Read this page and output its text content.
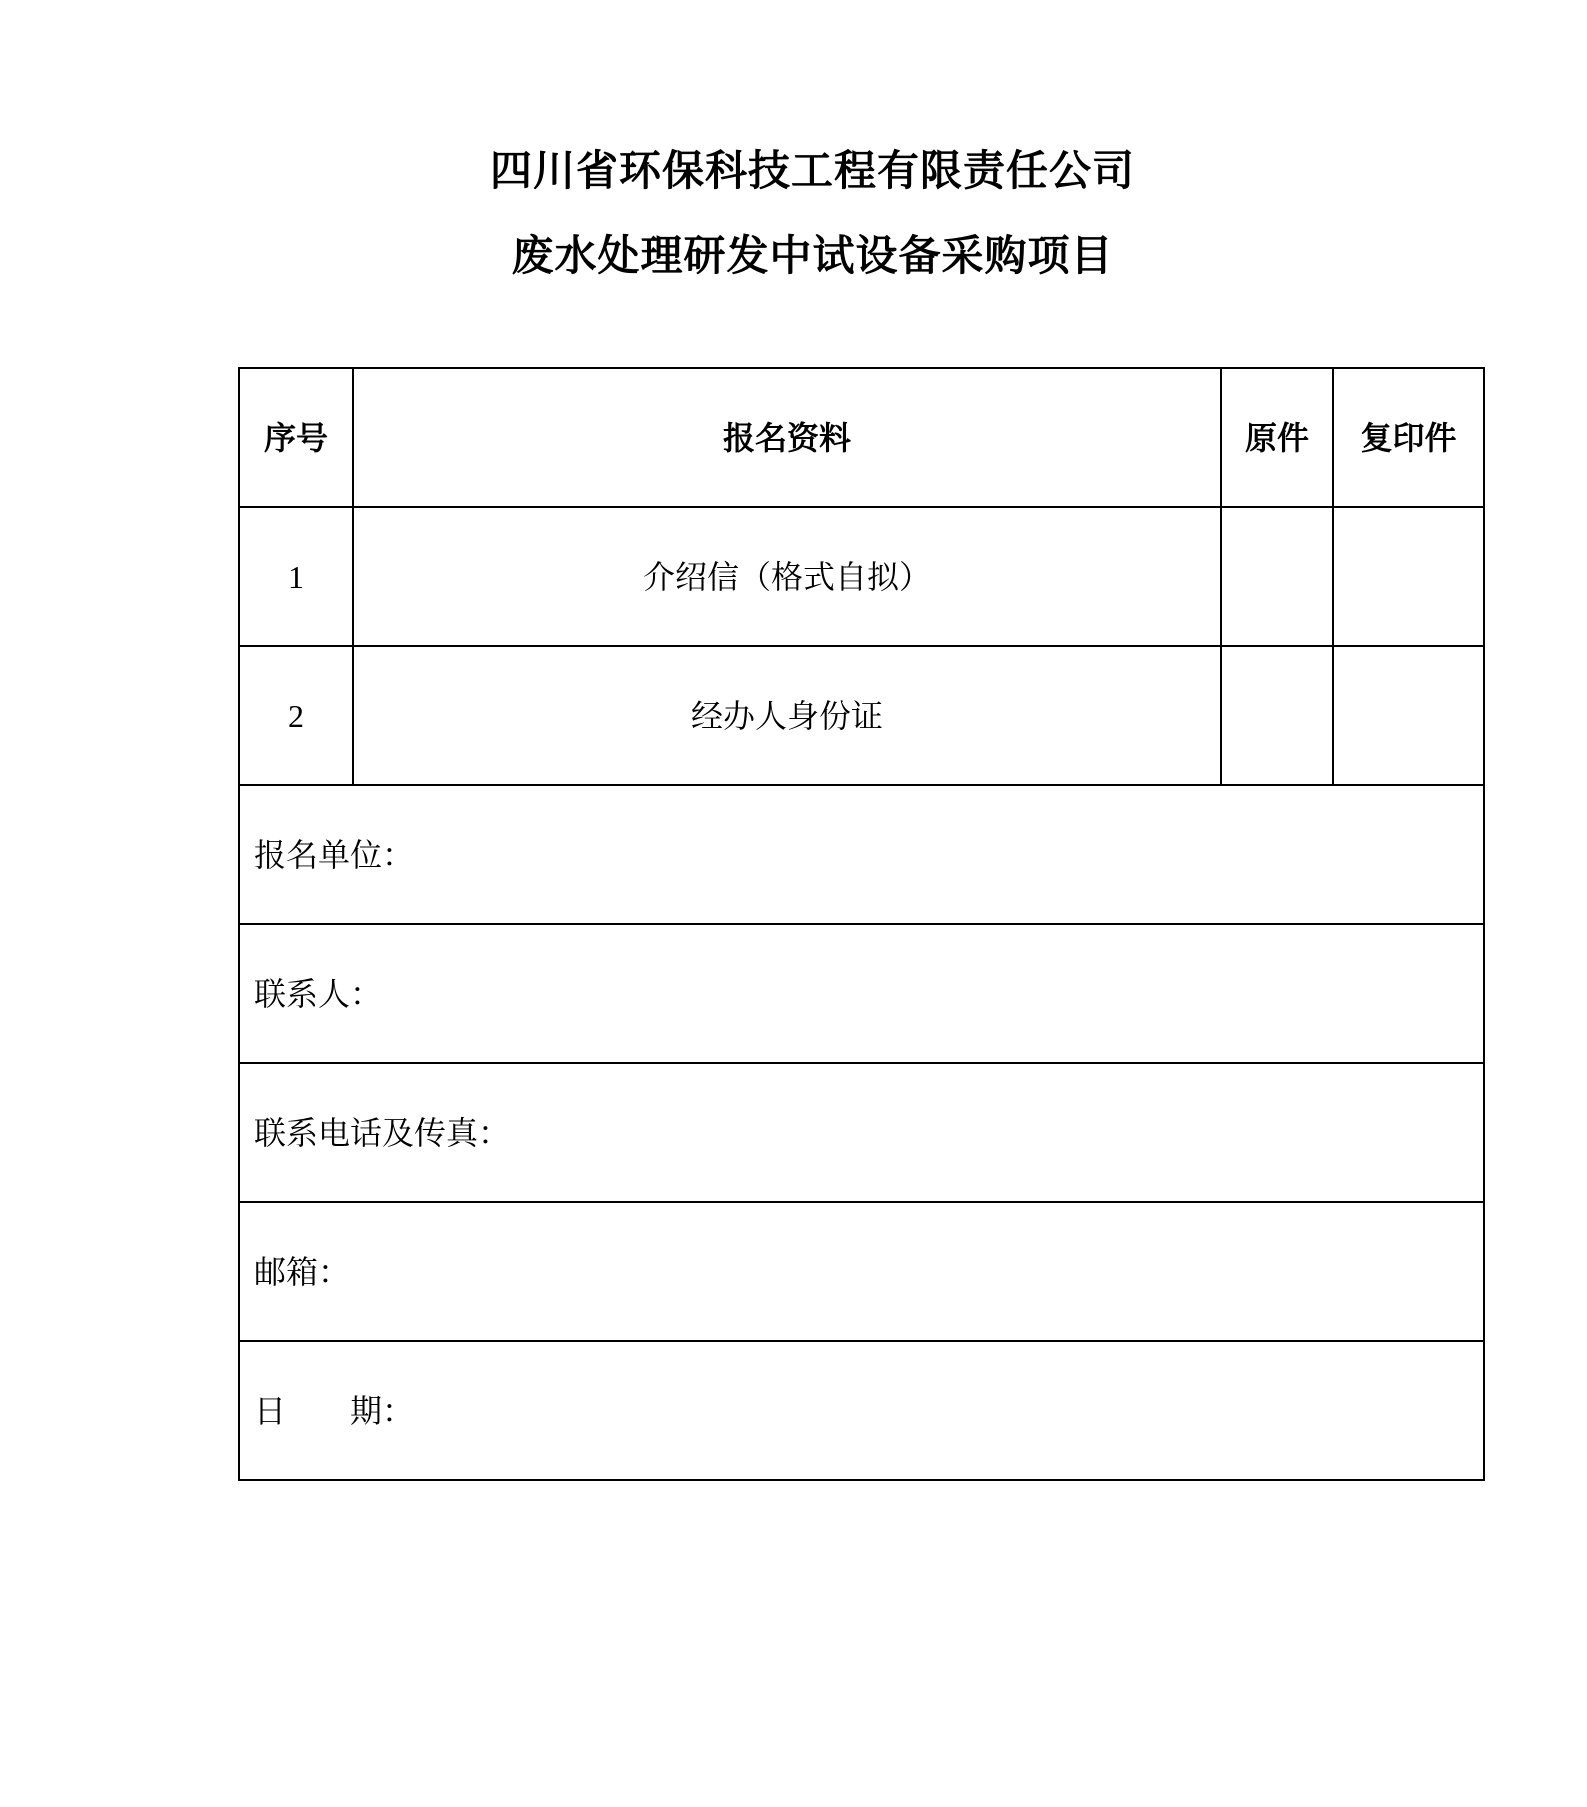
四川省环保科技工程有限责任公司

废水处理研发中试设备采购项目

序号	报名资料	原件	复印件
1	介绍信（格式自拟）		
2	经办人身份证		
报名单位：			
联系人：			
联系电话及传真：			
邮箱：			
日　　期：			
